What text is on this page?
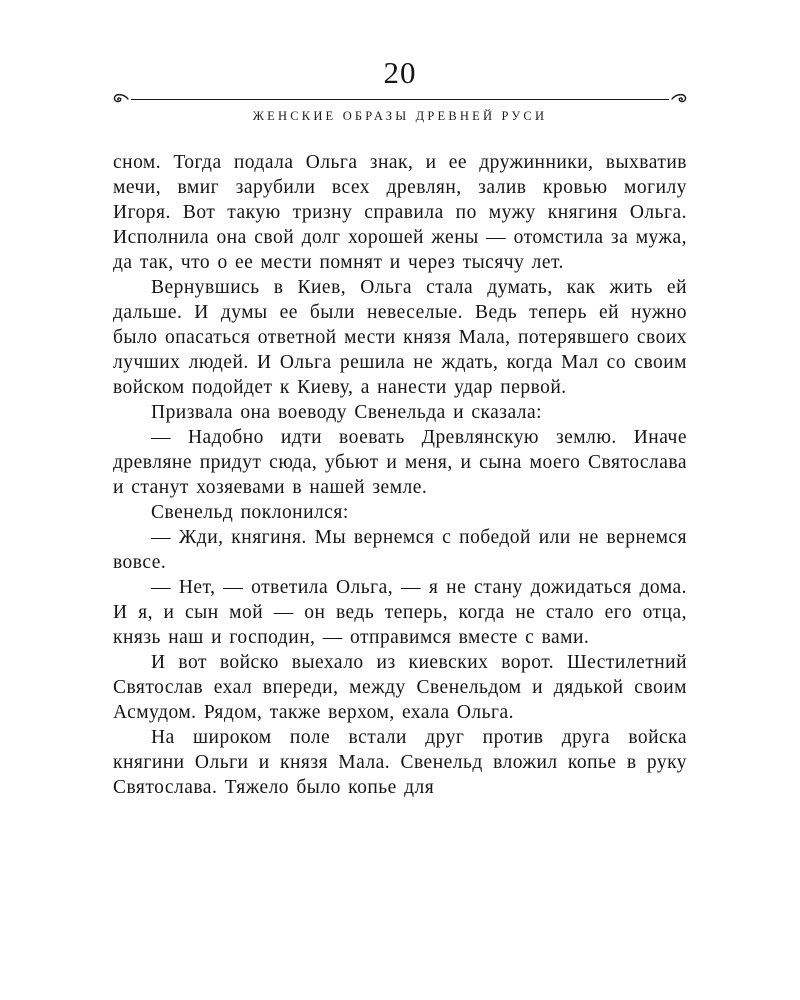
20
ЖЕНСКИЕ ОБРАЗЫ ДРЕВНЕЙ РУСИ

сном. Тогда подала Ольга знак, и ее дружинники, выхватив мечи, вмиг зарубили всех древлян, залив кровью могилу Игоря. Вот такую тризну справила по мужу княгиня Ольга. Исполнила она свой долг хорошей жены — отомстила за мужа, да так, что о ее мести помнят и через тысячу лет.

Вернувшись в Киев, Ольга стала думать, как жить ей дальше. И думы ее были невеселые. Ведь теперь ей нужно было опасаться ответной мести князя Мала, потерявшего своих лучших людей. И Ольга решила не ждать, когда Мал со своим войском подойдет к Киеву, а нанести удар первой.

Призвала она воеводу Свенельда и сказала:

— Надобно идти воевать Древлянскую землю. Иначе древляне придут сюда, убьют и меня, и сына моего Святослава и станут хозяевами в нашей земле.

Свенельд поклонился:

— Жди, княгиня. Мы вернемся с победой или не вернемся вовсе.

— Нет, — ответила Ольга, — я не стану дожидаться дома. И я, и сын мой — он ведь теперь, когда не стало его отца, князь наш и господин, — отправимся вместе с вами.

И вот войско выехало из киевских ворот. Шестилетний Святослав ехал впереди, между Свенельдом и дядькой своим Асмудом. Рядом, также верхом, ехала Ольга.

На широком поле встали друг против друга войска княгини Ольги и князя Мала. Свенельд вложил копье в руку Святослава. Тяжело было копье для
